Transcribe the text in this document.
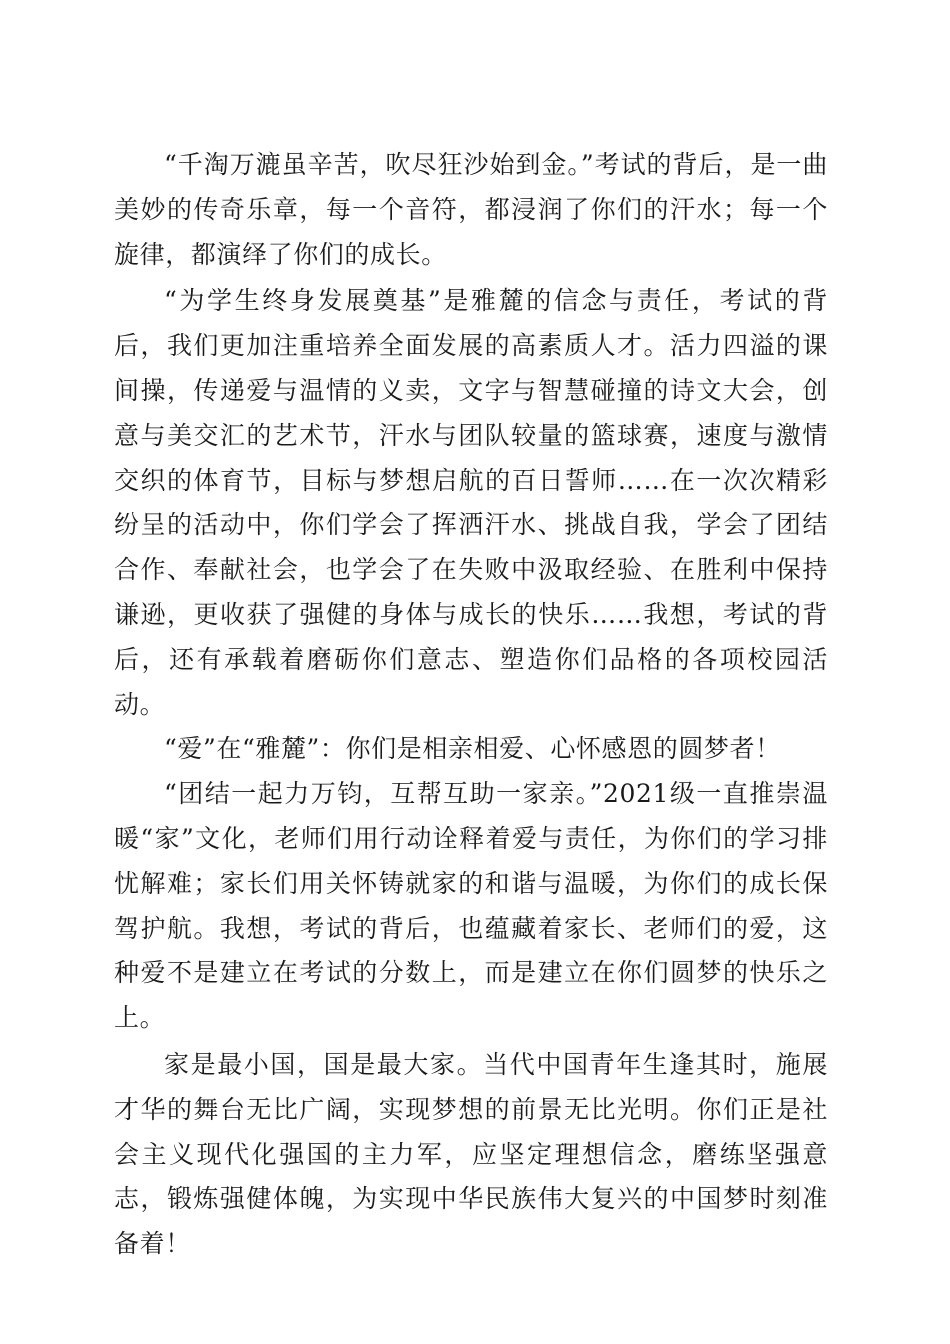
“千淘万漉虽辛苦，吹尽狂沙始到金。”考试的背后，是一曲美妙的传奇乐章，每一个音符，都浸润了你们的汗水；每一个旋律，都演绎了你们的成长。

“为学生终身发展奠基”是雅麓的信念与责任，考试的背后，我们更加注重培养全面发展的高素质人才。活力四溢的课间操，传递爱与温情的义卖，文字与智慧碰撞的诗文大会，创意与美交汇的艺术节，汗水与团队较量的篮球赛，速度与激情交织的体育节，目标与梦想启航的百日誓师……在一次次精彩纷呈的活动中，你们学会了挥洒汗水、挑战自我，学会了团结合作、奉献社会，也学会了在失败中汲取经验、在胜利中保持谦逊，更收获了强健的身体与成长的快乐……我想，考试的背后，还有承载着磨砺你们意志、塑造你们品格的各项校园活动。

“爱”在“雅麓”：你们是相亲相爱、心怀感恩的圆梦者！

“团结一起力万钧，互帮互助一家亲。”2021级一直推崇温暖“家”文化，老师们用行动诠释着爱与责任，为你们的学习排忧解难；家长们用关怀铸就家的和谐与温暖，为你们的成长保驾护航。我想，考试的背后，也蕴藏着家长、老师们的爱，这种爱不是建立在考试的分数上，而是建立在你们圆梦的快乐之上。

家是最小国，国是最大家。当代中国青年生逢其时，施展才华的舞台无比广阔，实现梦想的前景无比光明。你们正是社会主义现代化强国的主力军，应坚定理想信念，磨练坚强意志，锻炼强健体魄，为实现中华民族伟大复兴的中国梦时刻准备着！
